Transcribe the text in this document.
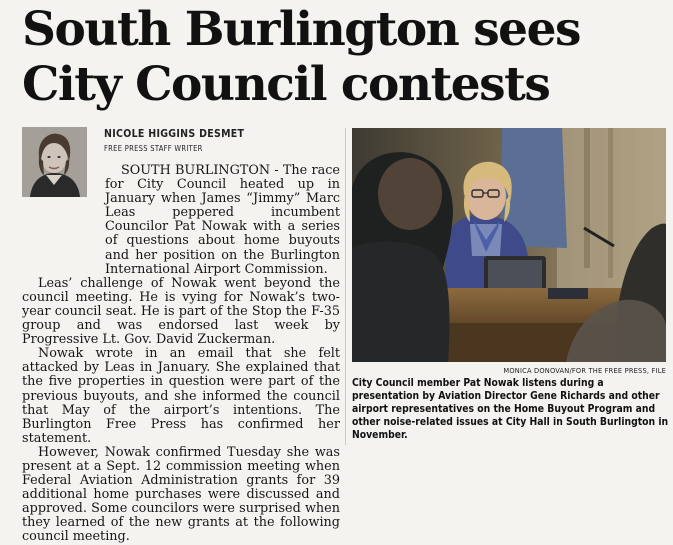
South Burlington sees
City Council contests

NICOLE HIGGINS DESMET

FREE PRESS STAFF WRITER

SOUTH BURLINGTON - The race for City Council heated up in January when James “Jimmy” Marc Leas peppered incumbent Councilor Pat Nowak with a series of questions about home buyouts and her position on the Burlington International Airport Commission.

Leas’ challenge of Nowak went beyond the council meeting. He is vying for Nowak’s two-year council seat. He is part of the Stop the F-35 group and was endorsed last week by Progressive Lt. Gov. David Zuckerman.

Nowak wrote in an email that she felt attacked by Leas in January. She explained that the five properties in question were part of the previous buyouts, and she informed the council that May of the airport’s intentions. The Burlington Free Press has confirmed her statement.

However, Nowak confirmed Tuesday she was present at a Sept. 12 commission meeting when Federal Aviation Administration grants for 39 additional home purchases were discussed and approved. Some councilors were surprised when they learned of the new grants at the following council meeting.

MONICA DONOVAN/FOR THE FREE PRESS, FILE

City Council member Pat Nowak listens during a presentation by Aviation Director Gene Richards and other airport representatives on the Home Buyout Program and other noise-related issues at City Hall in South Burlington in November.
